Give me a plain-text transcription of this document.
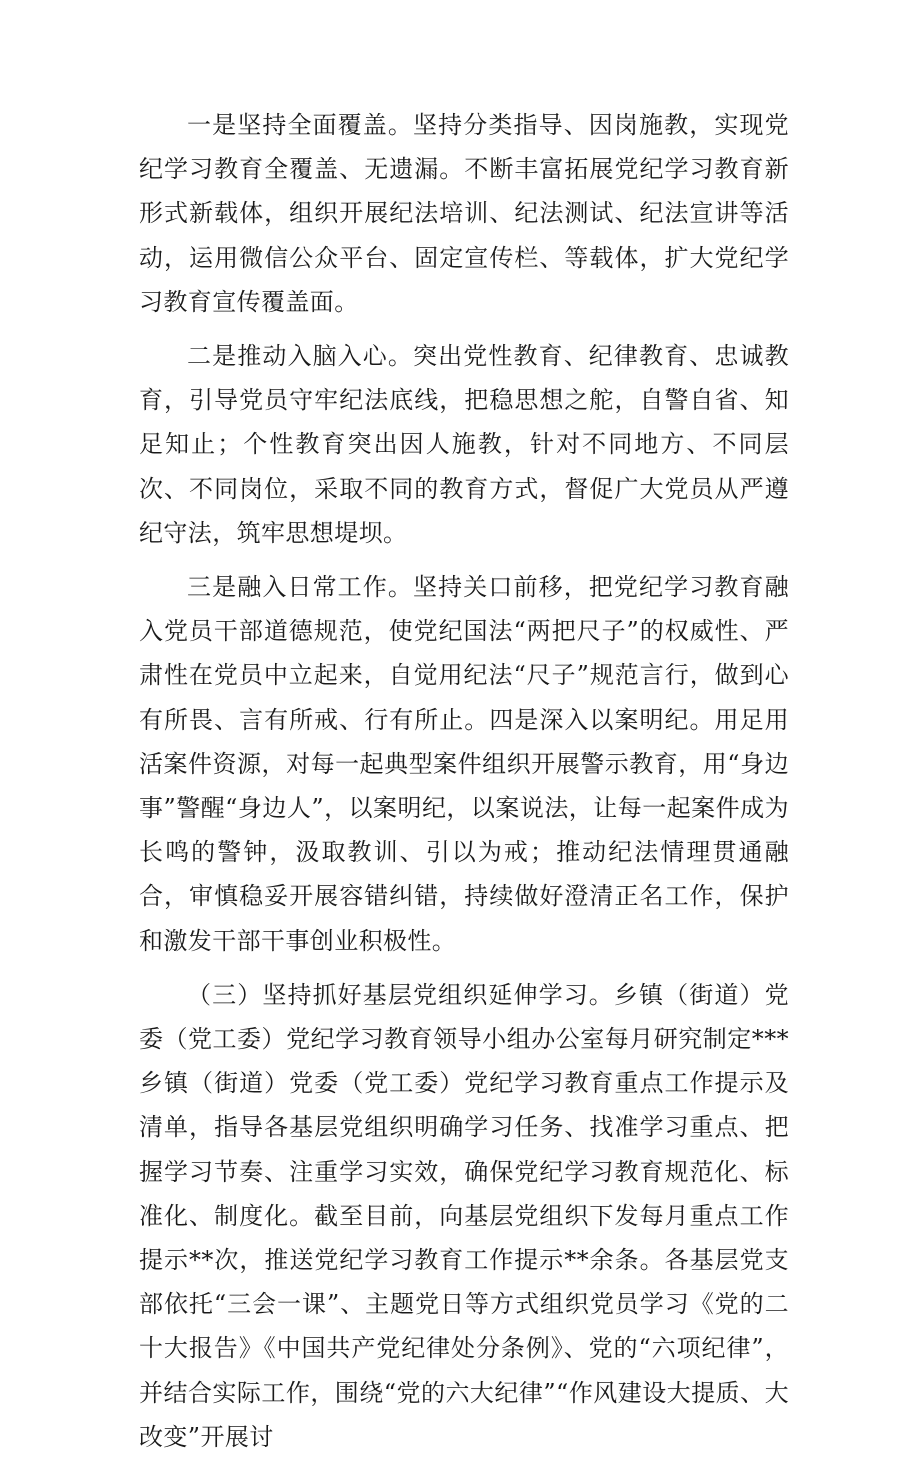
一是坚持全面覆盖。坚持分类指导、因岗施教，实现党纪学习教育全覆盖、无遗漏。不断丰富拓展党纪学习教育新形式新载体，组织开展纪法培训、纪法测试、纪法宣讲等活动，运用微信公众平台、固定宣传栏、等载体，扩大党纪学习教育宣传覆盖面。

二是推动入脑入心。突出党性教育、纪律教育、忠诚教育，引导党员守牢纪法底线，把稳思想之舵，自警自省、知足知止；个性教育突出因人施教，针对不同地方、不同层次、不同岗位，采取不同的教育方式，督促广大党员从严遵纪守法，筑牢思想堤坝。

三是融入日常工作。坚持关口前移，把党纪学习教育融入党员干部道德规范，使党纪国法“两把尺子”的权威性、严肃性在党员中立起来，自觉用纪法“尺子”规范言行，做到心有所畏、言有所戒、行有所止。四是深入以案明纪。用足用活案件资源，对每一起典型案件组织开展警示教育，用“身边事”警醒“身边人”，以案明纪，以案说法，让每一起案件成为长鸣的警钟，汲取教训、引以为戒；推动纪法情理贯通融合，审慎稳妥开展容错纠错，持续做好澄清正名工作，保护和激发干部干事创业积极性。

（三）坚持抓好基层党组织延伸学习。乡镇（街道）党委（党工委）党纪学习教育领导小组办公室每月研究制定***乡镇（街道）党委（党工委）党纪学习教育重点工作提示及清单，指导各基层党组织明确学习任务、找准学习重点、把握学习节奏、注重学习实效，确保党纪学习教育规范化、标准化、制度化。截至目前，向基层党组织下发每月重点工作提示**次，推送党纪学习教育工作提示**余条。各基层党支部依托“三会一课”、主题党日等方式组织党员学习《党的二十大报告》《中国共产党纪律处分条例》、党的“六项纪律”，并结合实际工作，围绕“党的六大纪律”“作风建设大提质、大改变”开展讨
